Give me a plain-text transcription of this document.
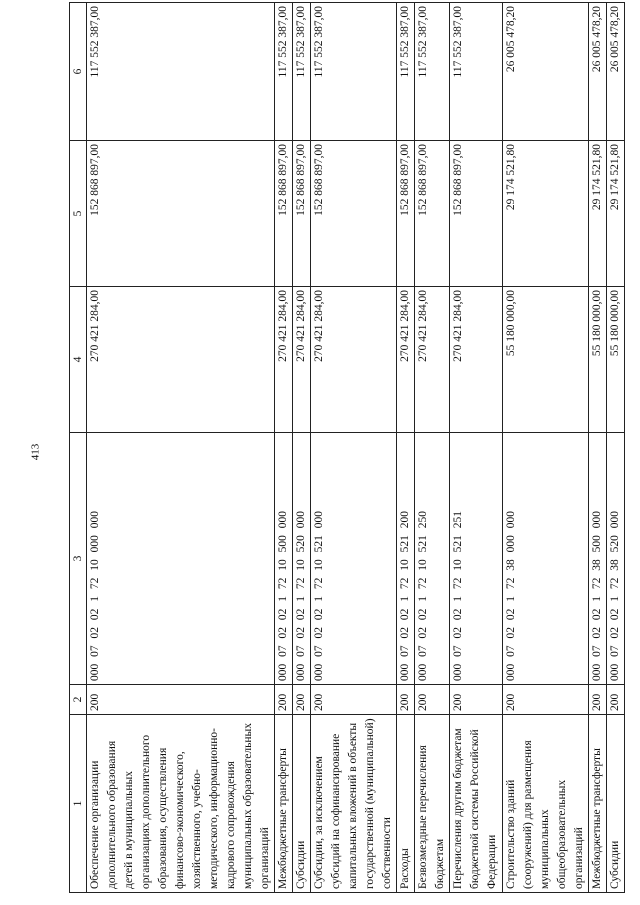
413
1	2	3	4	5	6
Обеспечение организации дополнительного образования детей в муниципальных организациях дополнительного образования, осуществления финансово-экономического, хозяйственного, учебно-методического, информационно-кадрового сопровождения муниципальных образовательных организаций	200	000 07 02 02 1 72 10 000 000	270 421 284,00	152 868 897,00	117 552 387,00
Межбюджетные трансферты	200	000 07 02 02 1 72 10 500 000	270 421 284,00	152 868 897,00	117 552 387,00
Субсидии	200	000 07 02 02 1 72 10 520 000	270 421 284,00	152 868 897,00	117 552 387,00
Субсидии, за исключением субсидий на софинансирование капитальных вложений в объекты государственной (муниципальной) собственности	200	000 07 02 02 1 72 10 521 000	270 421 284,00	152 868 897,00	117 552 387,00
Расходы	200	000 07 02 02 1 72 10 521 200	270 421 284,00	152 868 897,00	117 552 387,00
Безвозмездные перечисления бюджетам	200	000 07 02 02 1 72 10 521 250	270 421 284,00	152 868 897,00	117 552 387,00
Перечисления другим бюджетам бюджетной системы Российской Федерации	200	000 07 02 02 1 72 10 521 251	270 421 284,00	152 868 897,00	117 552 387,00
Строительство зданий (сооружений) для размещения муниципальных общеобразовательных организаций	200	000 07 02 02 1 72 38 000 000	55 180 000,00	29 174 521,80	26 005 478,20
Межбюджетные трансферты	200	000 07 02 02 1 72 38 500 000	55 180 000,00	29 174 521,80	26 005 478,20
Субсидии	200	000 07 02 02 1 72 38 520 000	55 180 000,00	29 174 521,80	26 005 478,20
